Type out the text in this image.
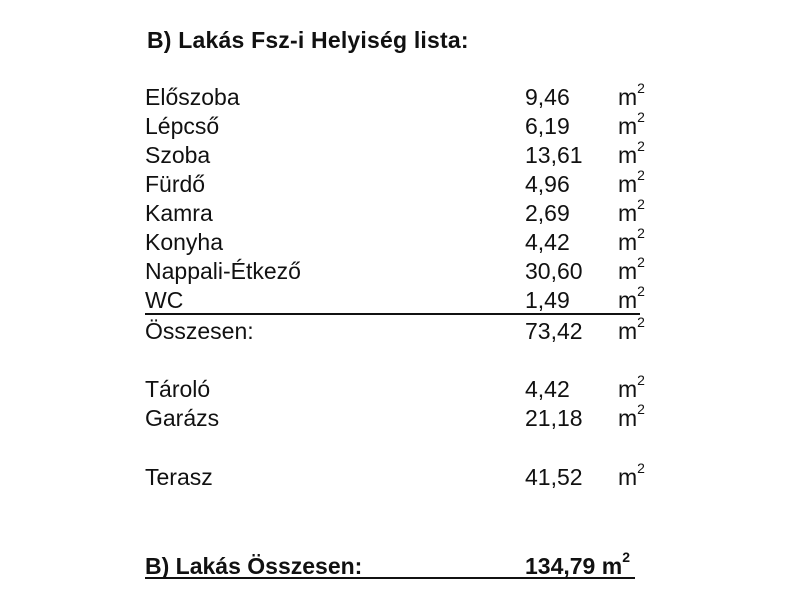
B) Lakás Fsz-i Helyiség lista:
Előszoba	9,46 $m^2$
Lépcső	6,19 $m^2$
Szoba	13,61 $m^2$
Fürdő	4,96 $m^2$
Kamra	2,69 $m^2$
Konyha	4,42 $m^2$
Nappali-Étkező	30,60 $m^2$
WC	1,49 $m^2$
Összesen:	73,42 $m^2$
Tároló	4,42 $m^2$
Garázs	21,18 $m^2$
Terasz	41,52 $m^2$
B) Lakás Összesen:	134,79 $m^2$
